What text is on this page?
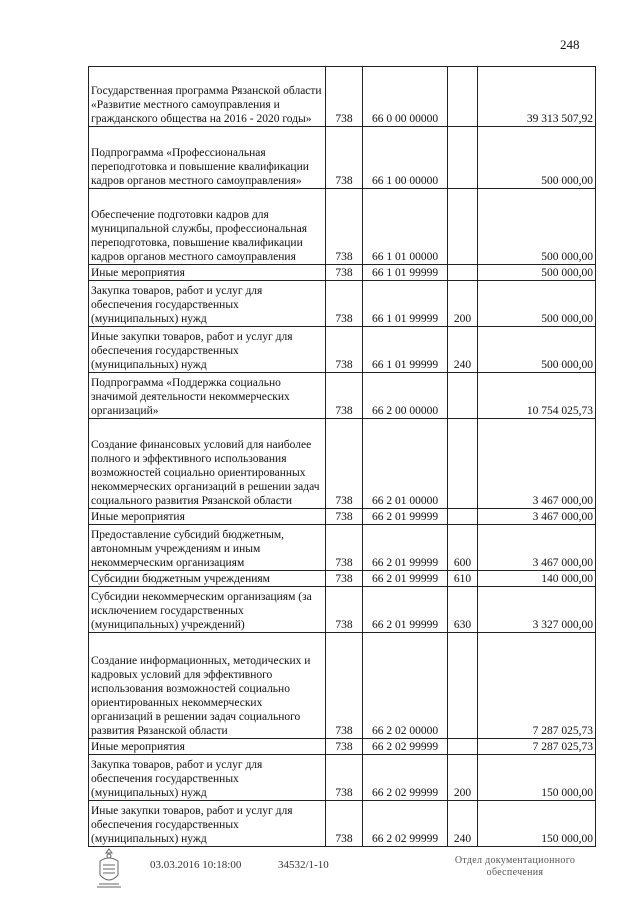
248
Государственная программа Рязанской области «Развитие местного самоуправления и гражданского общества на 2016 - 2020 годы»	738	66 0 00 00000		39 313 507,92
Подпрограмма «Профессиональная переподготовка и повышение квалификации кадров органов местного самоуправления»	738	66 1 00 00000		500 000,00
Обеспечение подготовки кадров для муниципальной службы, профессиональная переподготовка, повышение квалификации кадров органов местного самоуправления	738	66 1 01 00000		500 000,00
Иные мероприятия	738	66 1 01 99999		500 000,00
Закупка товаров, работ и услуг для обеспечения государственных (муниципальных) нужд	738	66 1 01 99999	200	500 000,00
Иные закупки товаров, работ и услуг для обеспечения государственных (муниципальных) нужд	738	66 1 01 99999	240	500 000,00
Подпрограмма «Поддержка социально значимой деятельности некоммерческих организаций»	738	66 2 00 00000		10 754 025,73
Создание финансовых условий для наиболее полного и эффективного использования возможностей социально ориентированных некоммерческих организаций в решении задач социального развития Рязанской области	738	66 2 01 00000		3 467 000,00
Иные мероприятия	738	66 2 01 99999		3 467 000,00
Предоставление субсидий бюджетным, автономным учреждениям и иным некоммерческим организациям	738	66 2 01 99999	600	3 467 000,00
Субсидии бюджетным учреждениям	738	66 2 01 99999	610	140 000,00
Субсидии некоммерческим организациям (за исключением государственных (муниципальных) учреждений)	738	66 2 01 99999	630	3 327 000,00
Создание информационных, методических и кадровых условий для эффективного использования возможностей социально ориентированных некоммерческих организаций в решении задач социального развития Рязанской области	738	66 2 02 00000		7 287 025,73
Иные мероприятия	738	66 2 02 99999		7 287 025,73
Закупка товаров, работ и услуг для обеспечения государственных (муниципальных) нужд	738	66 2 02 99999	200	150 000,00
Иные закупки товаров, работ и услуг для обеспечения государственных (муниципальных) нужд	738	66 2 02 99999	240	150 000,00
03.03.2016 10:18:00	34532/1-10	Отдел документационного
обеспечения
